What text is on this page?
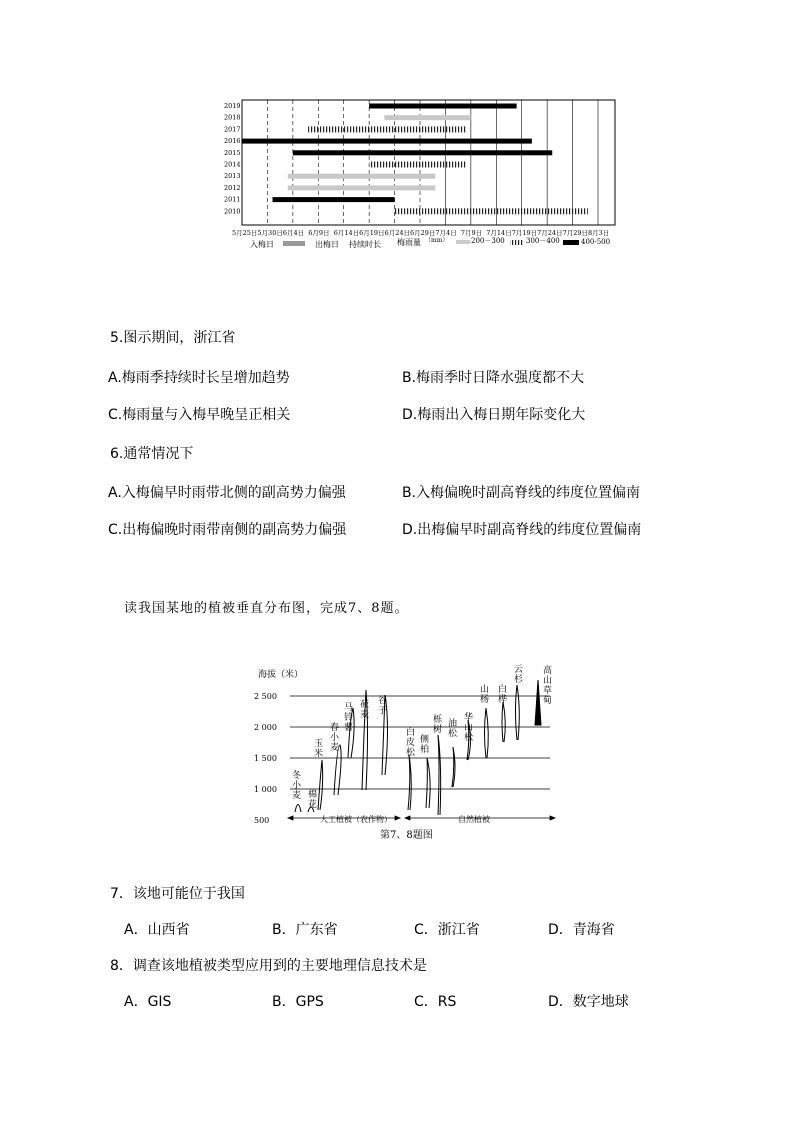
2019
2018
2017
2016
2015
2014
2013
2012
2011
2010
5月25日 5月30日 6月4日 6月9日 6月14日 6月19日 6月24日 6月29日 7月4日 7月9日 7月14日 7月19日 7月24日 7月29日 8月3日
入梅日	出梅日 持续时长 梅雨量 （mm）	200－300	300－400	400-500
5.图示期间，浙江省
A.梅雨季持续时长呈增加趋势	B.梅雨季时日降水强度都不大
C.梅雨量与入梅早晚呈正相关	D.梅雨出入梅日期年际变化大
6.通常情况下
A.入梅偏早时雨带北侧的副高势力偏强	B.入梅偏晚时副高脊线的纬度位置偏南
C.出梅偏晚时雨带南侧的副高势力偏强	D.出梅偏早时副高脊线的纬度位置偏南
读我国某地的植被垂直分布图，完成7、8题。
海拔（米）
2 500
2 000
1 500
1 000
500
冬
小
麦 棉
花
玉
米
春
小
麦
马
铃
薯
莜
麦
谷
子
白
皮
松
侧
柏
栎
树
油
松
华
山
松
山
杨
白
桦
云
杉
高
山
草
甸
人工植被（农作物）	自然植被
第7、8题图
7．该地可能位于我国
A．山西省	B．广东省	C．浙江省	D．青海省
8．调查该地植被类型应用到的主要地理信息技术是
A．GIS	B．GPS	C．RS	D．数字地球
